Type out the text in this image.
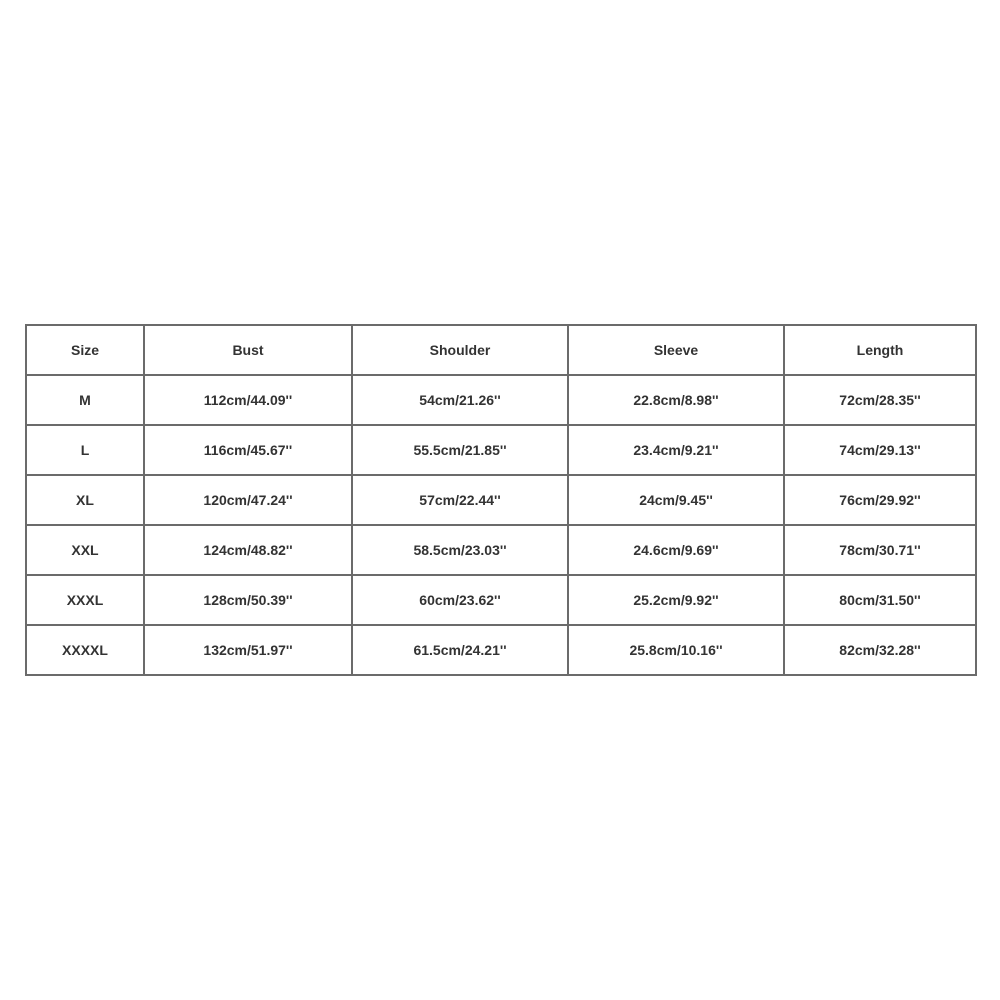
Size	Bust	Shoulder	Sleeve	Length
M	112cm/44.09''	54cm/21.26''	22.8cm/8.98''	72cm/28.35''
L	116cm/45.67''	55.5cm/21.85''	23.4cm/9.21''	74cm/29.13''
XL	120cm/47.24''	57cm/22.44''	24cm/9.45''	76cm/29.92''
XXL	124cm/48.82''	58.5cm/23.03''	24.6cm/9.69''	78cm/30.71''
XXXL	128cm/50.39''	60cm/23.62''	25.2cm/9.92''	80cm/31.50''
XXXXL	132cm/51.97''	61.5cm/24.21''	25.8cm/10.16''	82cm/32.28''
